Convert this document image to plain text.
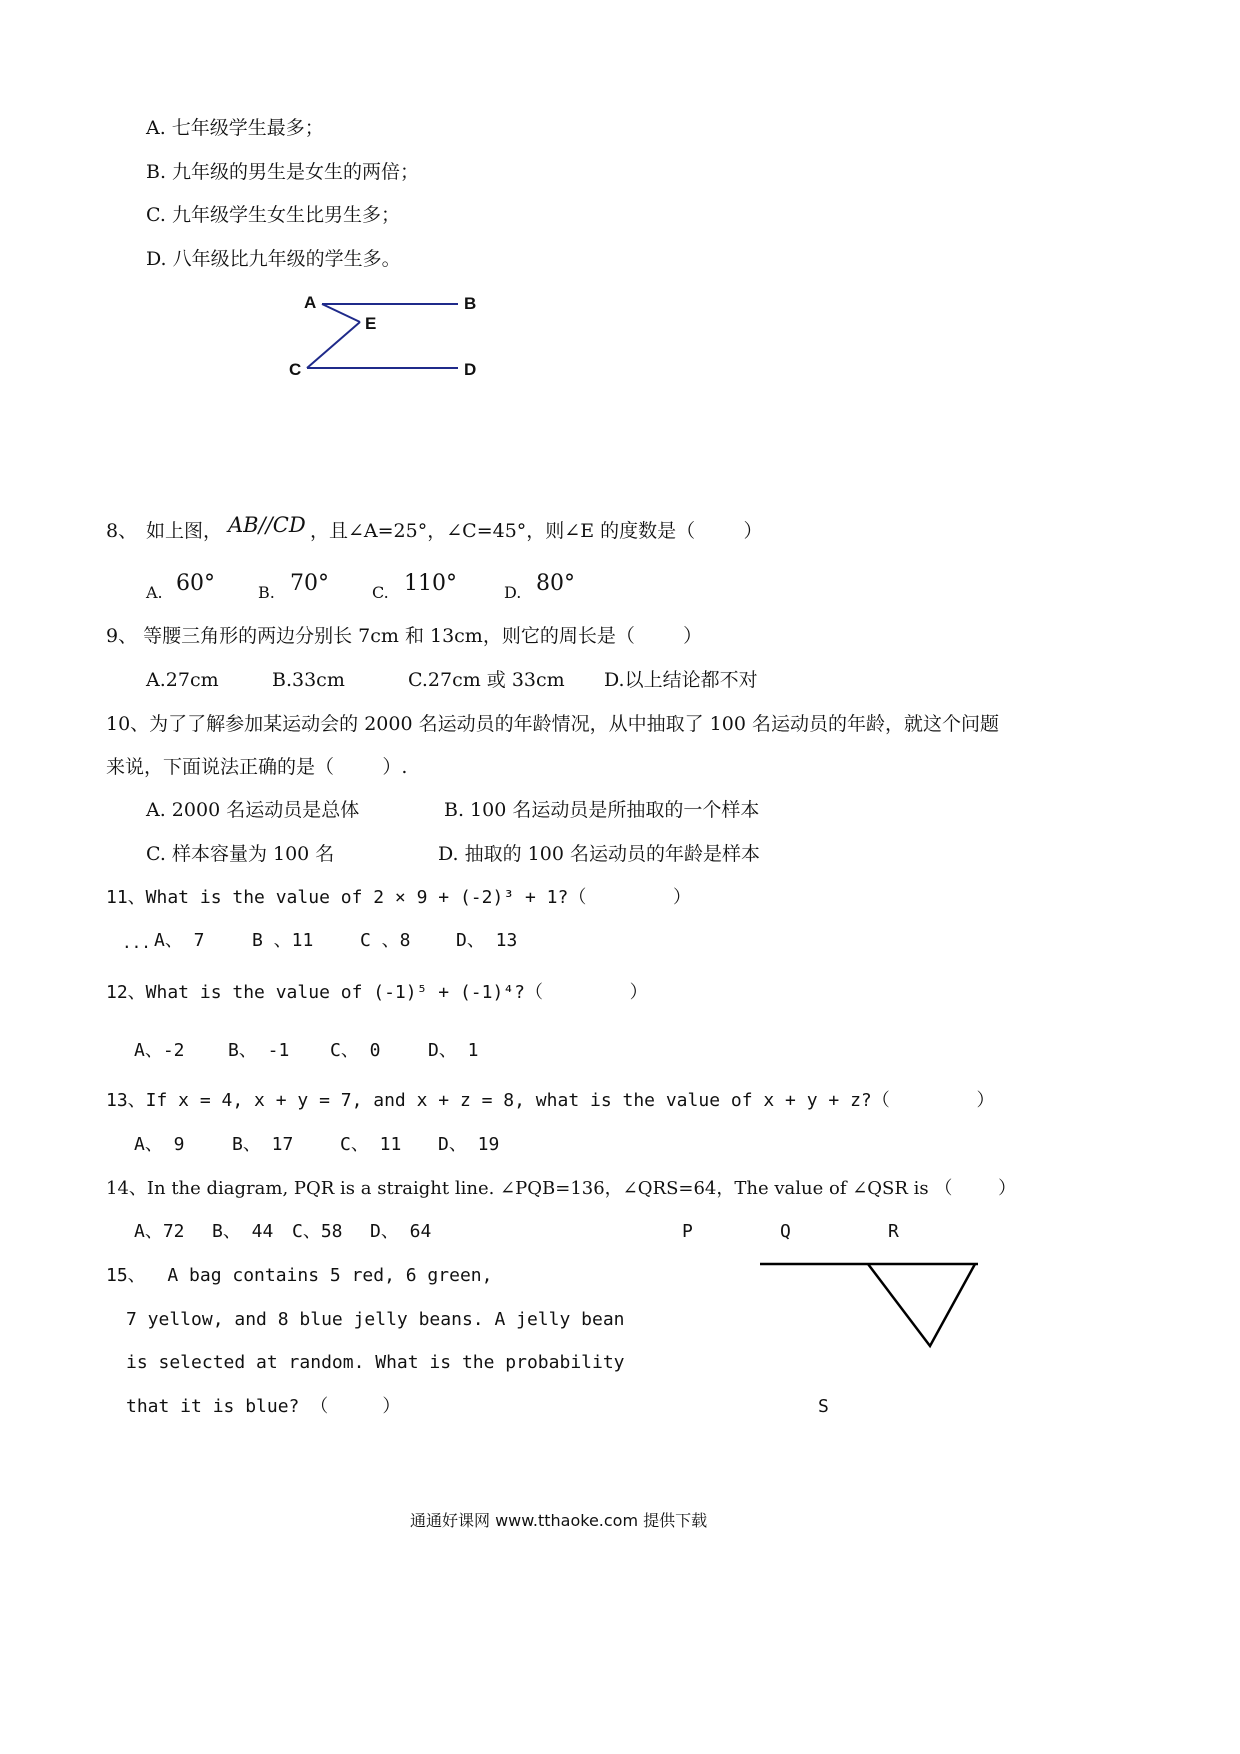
A. 七年级学生最多；
B. 九年级的男生是女生的两倍；
C. 九年级学生女生比男生多；
D. 八年级比九年级的学生多。
A	B
E
C	D
8、 如上图， AB//CD ，且∠A=25°，∠C=45°，则∠E 的度数是（        ）
A. 60°	B. 70°	C. 110°	D. 80°
9、 等腰三角形的两边分别长 7cm 和 13cm，则它的周长是（        ）
A.27cm	B.33cm	C.27cm 或 33cm D.以上结论都不对
10、为了了解参加某运动会的 2000 名运动员的年龄情况，从中抽取了 100 名运动员的年龄，就这个问题
来说，下面说法正确的是（        ）.
A. 2000 名运动员是总体	B. 100 名运动员是所抽取的一个样本
C. 样本容量为 100 名	D. 抽取的 100 名运动员的年龄是样本
11、What is the value of 2 × 9 + (-2)³ + 1?（        ）
... A、 7	B 、11	C 、8	D、 13
12、What is the value of (-1)⁵ + (-1)⁴?（        ）
A、-2 B、 -1 C、 0	D、 1
13、If x = 4, x + y = 7, and x + z = 8, what is the value of x + y + z?（        ）
A、 9	B、 17	C、 11 D、 19
14、In the diagram, PQR is a straight line. ∠PQB=136，∠QRS=64，The value of ∠QSR is （        ）
A、72 B、 44 C、58 D、 64	P	Q	R
S
15、  A bag contains 5 red, 6 green,
7 yellow, and 8 blue jelly beans. A jelly bean
is selected at random. What is the probability
that it is blue? （     ）
通通好课网 www.tthaoke.com 提供下载
